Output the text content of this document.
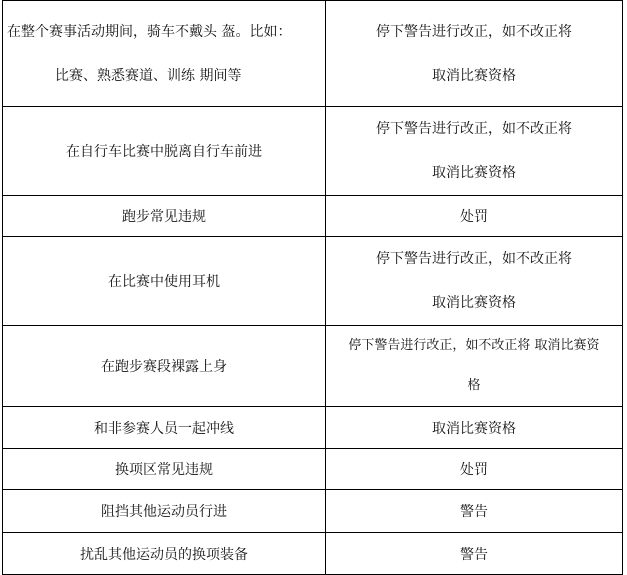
在整个赛事活动期间，骑车不戴头 盔。比如：
比赛、熟悉赛道、训练 期间等	停下警告进行改正，如不改正将
取消比赛资格

在自行车比赛中脱离自行车前进	停下警告进行改正，如不改正将
取消比赛资格

跑步常见违规	处罚

在比赛中使用耳机	停下警告进行改正，如不改正将
取消比赛资格

在跑步赛段裸露上身	停下警告进行改正，如不改正将 取消比赛资
格

和非参赛人员一起冲线	取消比赛资格

换项区常见违规	处罚

阻挡其他运动员行进	警告

扰乱其他运动员的换项装备	警告
